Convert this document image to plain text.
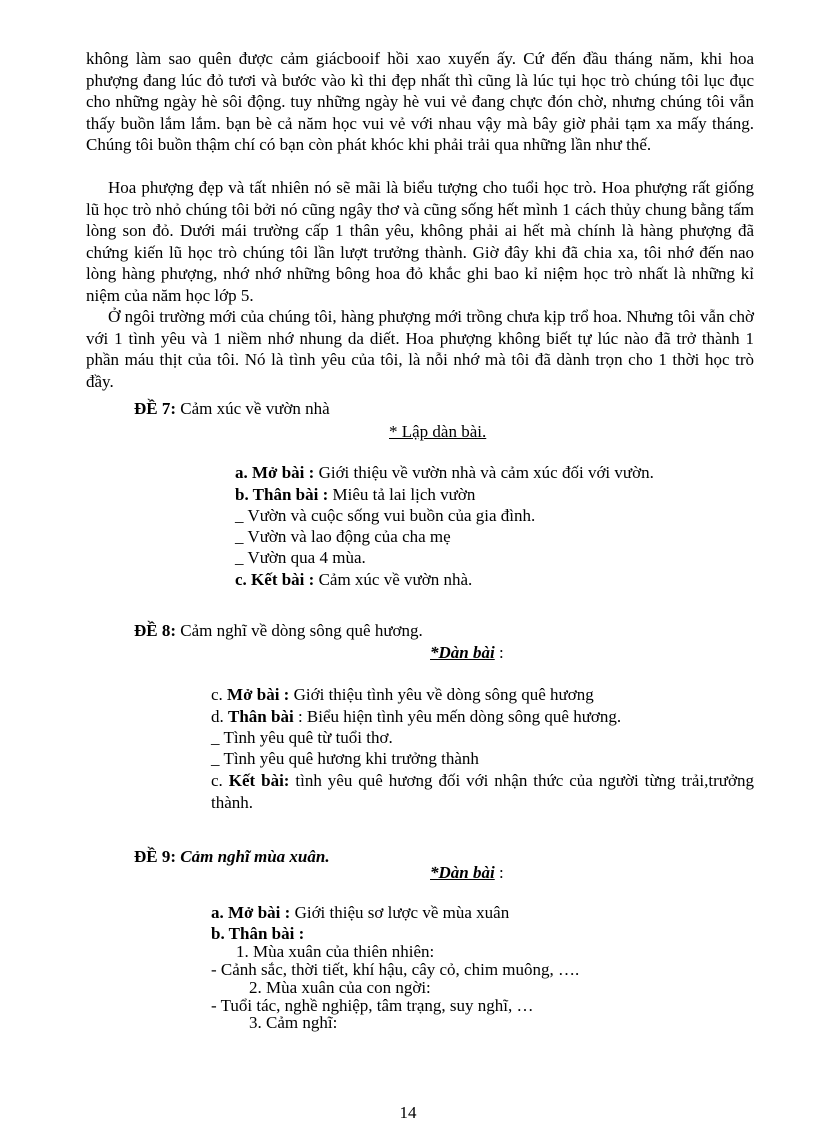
không làm sao quên được cảm giácbooif hồi xao xuyến ấy. Cứ đến đầu tháng năm, khi hoa phượng đang lúc đỏ tươi và bước vào kì thi đẹp nhất thì cũng là lúc tụi học trò chúng tôi lục đục cho những ngày hè sôi động. tuy những ngày hè vui vẻ đang chực đón chờ, nhưng chúng tôi vẫn thấy buồn lắm lắm. bạn bè cả năm học vui vẻ với nhau vậy mà bây giờ phải tạm xa mấy tháng. Chúng tôi buồn thậm chí có bạn còn phát khóc khi phải trải qua những lần như thế.

Hoa phượng đẹp và tất nhiên nó sẽ mãi là biểu tượng cho tuổi học trò. Hoa phượng rất giống lũ học trò nhỏ chúng tôi bởi nó cũng ngây thơ và cũng sống hết mình 1 cách thủy chung bằng tấm lòng son đỏ. Dưới mái trường cấp 1 thân yêu, không phải ai hết mà chính là hàng phượng đã chứng kiến lũ học trò chúng tôi lần lượt trưởng thành. Giờ đây khi đã chia xa, tôi nhớ đến nao lòng hàng phượng, nhớ nhớ những bông hoa đỏ khắc ghi bao kỉ niệm học trò nhất là những kỉ niệm của năm học lớp 5.

Ở ngôi trường mới của chúng tôi, hàng phượng mới trồng chưa kịp trổ hoa. Nhưng tôi vẫn chờ với 1 tình yêu và 1 niềm nhớ nhung da diết. Hoa phượng không biết tự lúc nào đã trở thành 1 phần máu thịt của tôi. Nó là tình yêu của tôi, là nỗi nhớ mà tôi đã dành trọn cho 1 thời học trò đầy.

ĐỀ 7: Cảm xúc về vườn nhà
* Lập dàn bài.
a. Mở bài : Giới thiệu về vườn nhà và cảm xúc đối với vườn.
b. Thân bài : Miêu tả lai lịch vườn
_ Vườn và cuộc sống vui buồn của gia đình.
_ Vườn và lao động của cha mẹ
_ Vườn qua 4 mùa.
c. Kết bài : Cảm xúc về vườn nhà.
ĐỀ 8: Cảm nghĩ về dòng sông quê hương.
*Dàn bài :
c. Mở bài : Giới thiệu tình yêu về dòng sông quê hương
d. Thân bài : Biểu hiện tình yêu mến dòng sông quê hương.
_ Tình yêu quê từ tuổi thơ.
_ Tình yêu quê hương khi trưởng thành

c. Kết bài: tình yêu quê hương đối với nhận thức của người từng trải,trưởng thành.

ĐỀ 9: Cảm nghĩ mùa xuân.
*Dàn bài :
a. Mở bài : Giới thiệu sơ lược về mùa xuân
b. Thân bài :
1. Mùa xuân của thiên nhiên:
- Cảnh sắc, thời tiết, khí hậu, cây cỏ, chim muông, ….
2. Mùa xuân của con ngời:
- Tuổi tác, nghề nghiệp, tâm trạng, suy nghĩ, …
3. Cảm nghĩ:
14
